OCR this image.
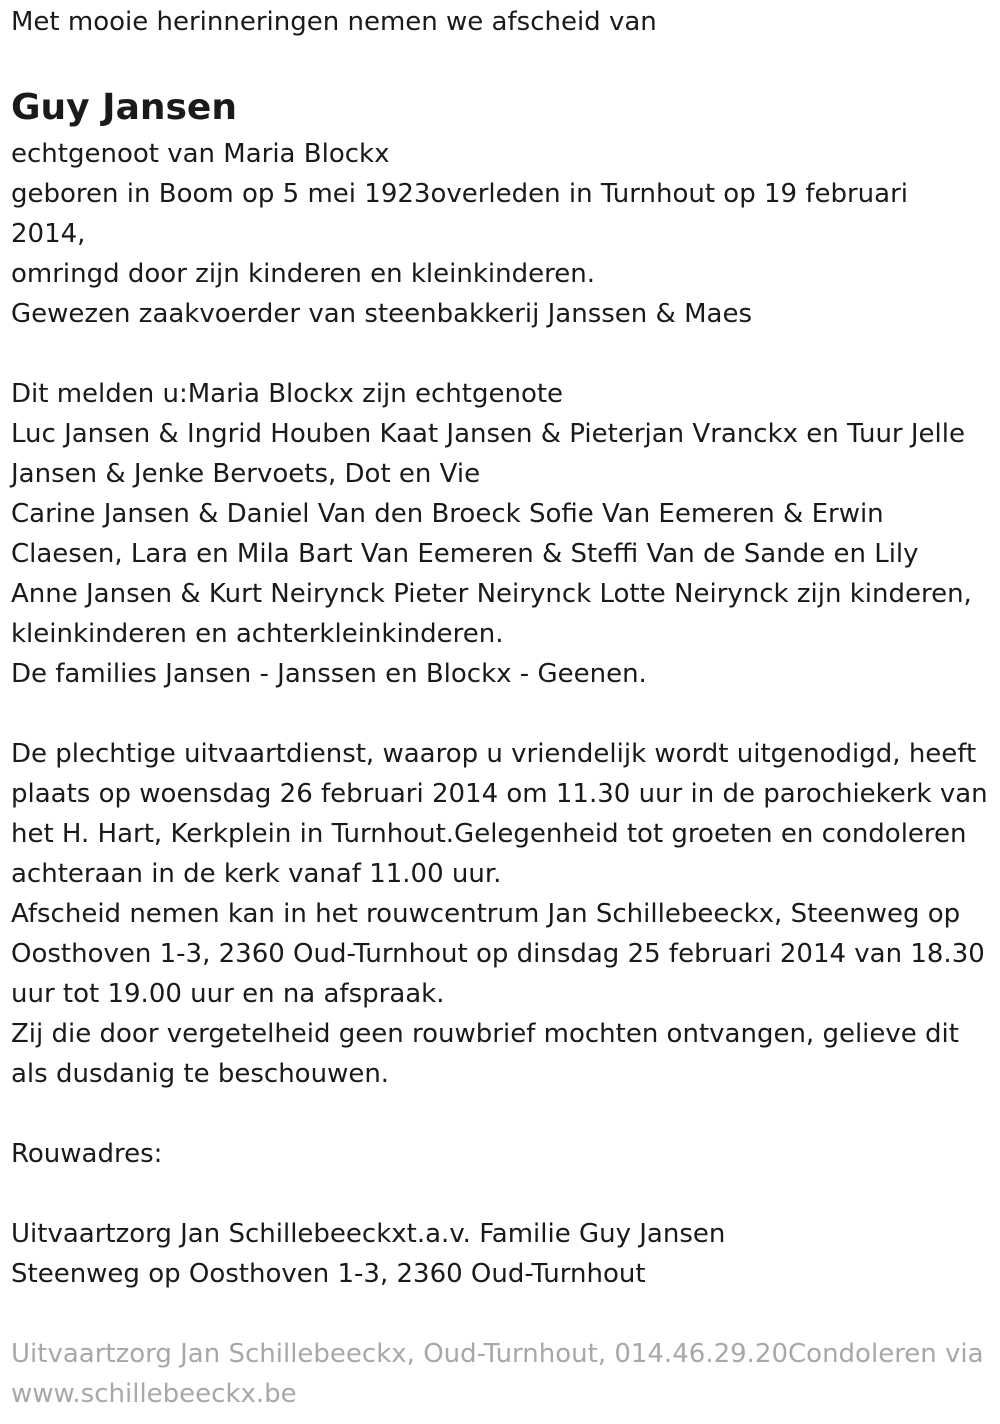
Met mooie herinneringen nemen we afscheid van
Guy Jansen
echtgenoot van Maria Blockx
geboren in Boom op 5 mei 1923overleden in Turnhout op 19 februari 2014,
omringd door zijn kinderen en kleinkinderen.
Gewezen zaakvoerder van steenbakkerij Janssen & Maes
Dit melden u:Maria Blockx zijn echtgenote
Luc Jansen & Ingrid Houben Kaat Jansen & Pieterjan Vranckx en Tuur Jelle Jansen & Jenke Bervoets, Dot en Vie
Carine Jansen & Daniel Van den Broeck Sofie Van Eemeren & Erwin Claesen, Lara en Mila Bart Van Eemeren & Steffi Van de Sande en Lily Anne Jansen & Kurt Neirynck Pieter Neirynck Lotte Neirynck zijn kinderen, kleinkinderen en achterkleinkinderen.
De families Jansen - Janssen en Blockx - Geenen.
De plechtige uitvaartdienst, waarop u vriendelijk wordt uitgenodigd, heeft plaats op woensdag 26 februari 2014 om 11.30 uur in de parochiekerk van het H. Hart, Kerkplein in Turnhout.Gelegenheid tot groeten en condoleren achteraan in de kerk vanaf 11.00 uur.
Afscheid nemen kan in het rouwcentrum Jan Schillebeeckx, Steenweg op Oosthoven 1-3, 2360 Oud-Turnhout op dinsdag 25 februari 2014 van 18.30 uur tot 19.00 uur en na afspraak.
Zij die door vergetelheid geen rouwbrief mochten ontvangen, gelieve dit als dusdanig te beschouwen.
Rouwadres:
Uitvaartzorg Jan Schillebeeckxt.a.v. Familie Guy Jansen
Steenweg op Oosthoven 1-3, 2360 Oud-Turnhout
Uitvaartzorg Jan Schillebeeckx, Oud-Turnhout, 014.46.29.20Condoleren via www.schillebeeckx.be
